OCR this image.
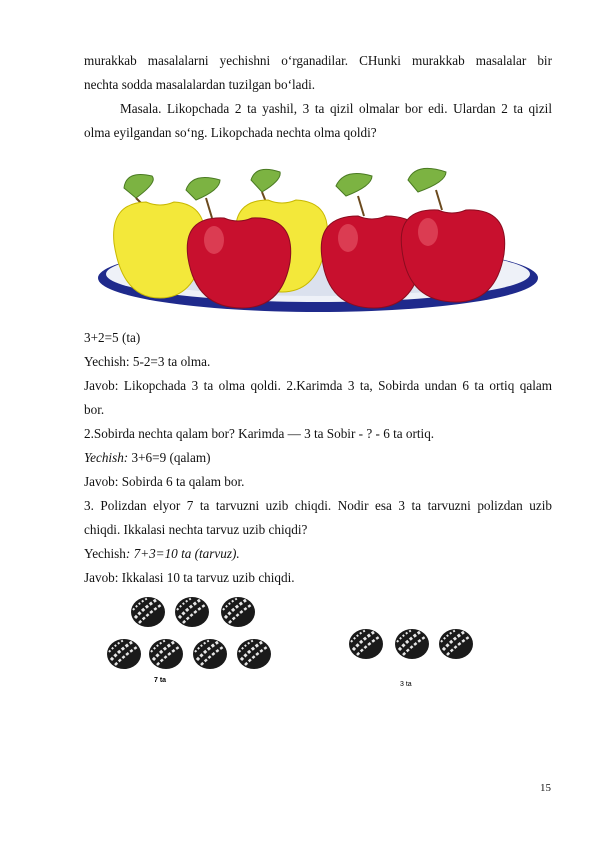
murakkab masalalarni yechishni o‘rganadilar. CHunki murakkab masalalar bir
nechta sodda masalalardan tuzilgan bo‘ladi.
Masala. Likopchada 2 ta yashil, 3 ta qizil olmalar bor edi. Ulardan 2 ta qizil
olma eyilgandan so‘ng. Likopchada nechta olma qoldi?
3+2=5 (ta)
Yechish: 5-2=3 ta olma.
Javob: Likopchada 3 ta olma qoldi. 2.Karimda 3 ta, Sobirda undan 6 ta ortiq qalam
bor.
2.Sobirda nechta qalam bor? Karimda — 3 ta Sobir - ? - 6 ta ortiq.
Yechish: 3+6=9 (qalam)
Javob: Sobirda 6 ta qalam bor.
3. Polizdan elyor 7 ta tarvuzni uzib chiqdi. Nodir esa 3 ta tarvuzni polizdan uzib
chiqdi. Ikkalasi nechta tarvuz uzib chiqdi?
Yechish: 7+3=10 ta (tarvuz).
Javob: Ikkalasi 10 ta tarvuz uzib chiqdi.
7 ta
3 ta
15
